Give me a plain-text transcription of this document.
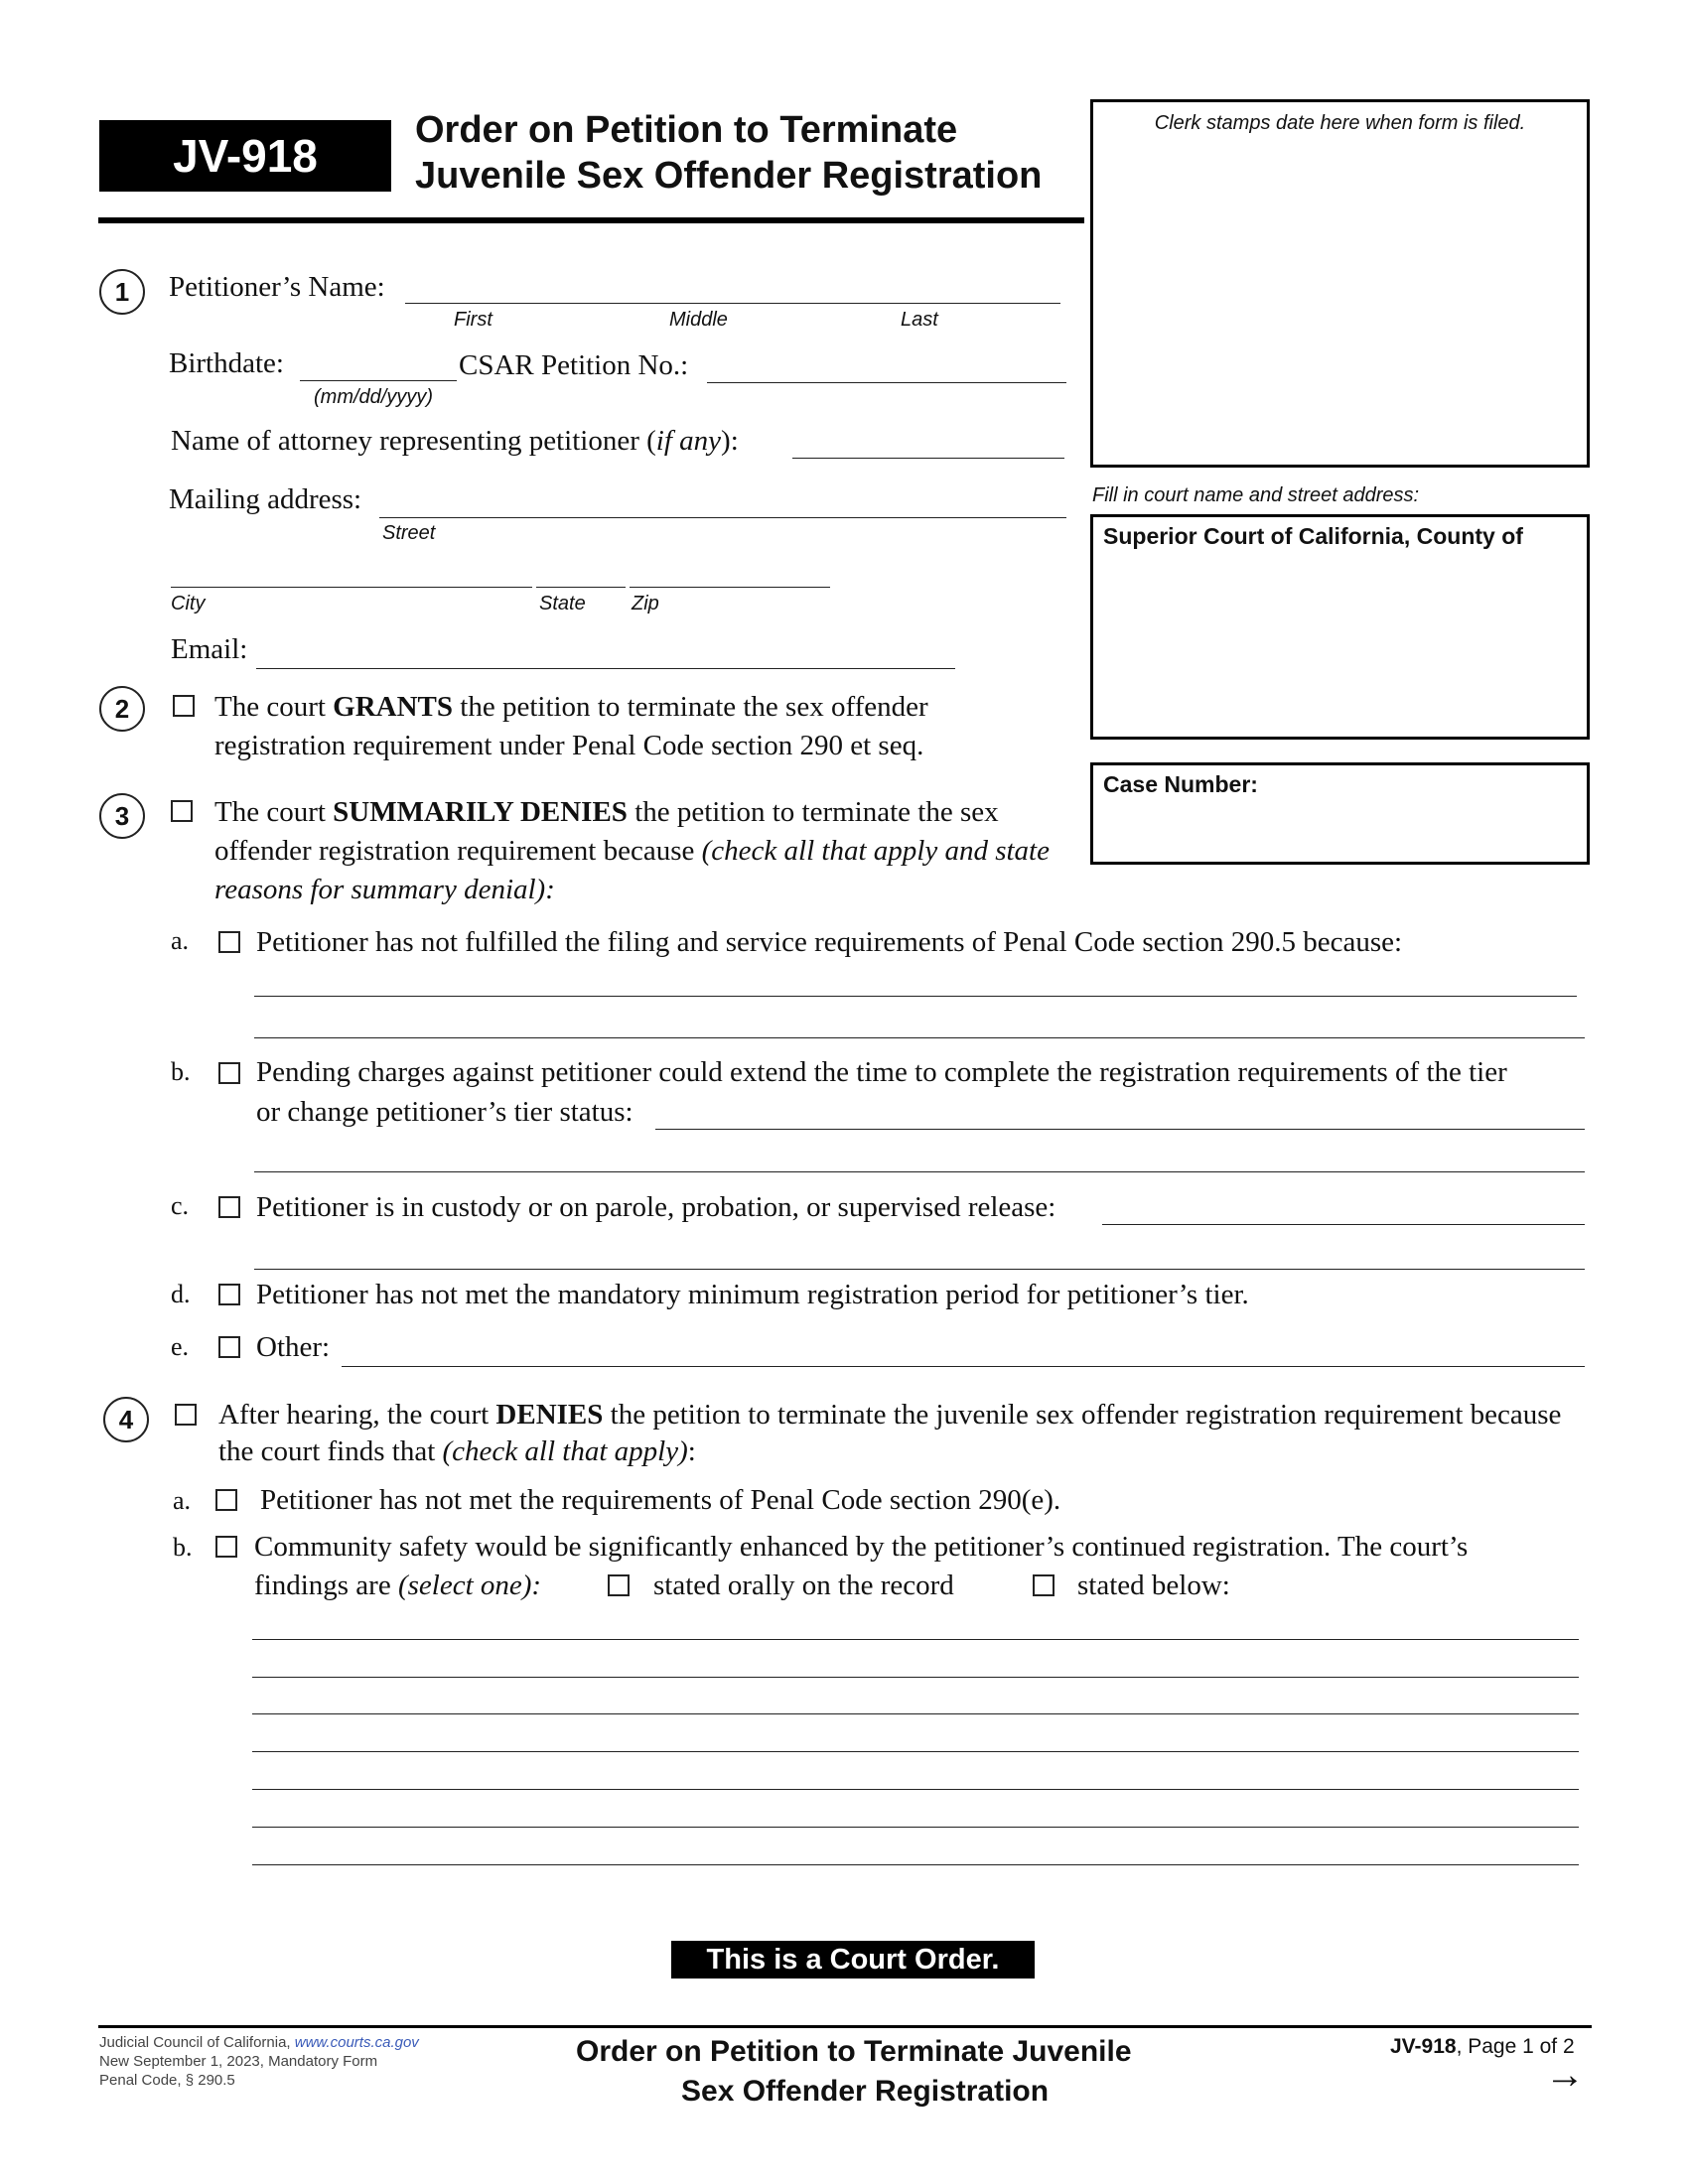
JV-918	Order on Petition to Terminate
Juvenile Sex Offender Registration
Clerk stamps date here when form is filed.
Fill in court name and street address:
Superior Court of California, County of
Case Number:
1	Petitioner’s Name:
First	Middle	Last
Birthdate:
(mm/dd/yyyy)
CSAR Petition No.:
Name of attorney representing petitioner (if any):
Mailing address:
Street
City	State Zip
Email:
2	The court GRANTS the petition to terminate the sex offender registration requirement under Penal Code section 290 et seq.
3	The court SUMMARILY DENIES the petition to terminate the sex offender registration requirement because (check all that apply and state reasons for summary denial):
a. Petitioner has not fulfilled the filing and service requirements of Penal Code section 290.5 because:
b. Pending charges against petitioner could extend the time to complete the registration requirements of the tier
or change petitioner’s tier status:
c. Petitioner is in custody or on parole, probation, or supervised release:
d. Petitioner has not met the mandatory minimum registration period for petitioner’s tier.
e. Other:
4	After hearing, the court DENIES the petition to terminate the juvenile sex offender registration requirement because the court finds that (check all that apply):
a. Petitioner has not met the requirements of Penal Code section 290(e).
b. Community safety would be significantly enhanced by the petitioner’s continued registration. The court’s
findings are (select one):	stated orally on the record	stated below:
This is a Court Order.
Judicial Council of California, www.courts.ca.gov
New September 1, 2023, Mandatory Form
Penal Code, § 290.5
Order on Petition to Terminate Juvenile
Sex Offender Registration
JV-918, Page 1 of 2
→
